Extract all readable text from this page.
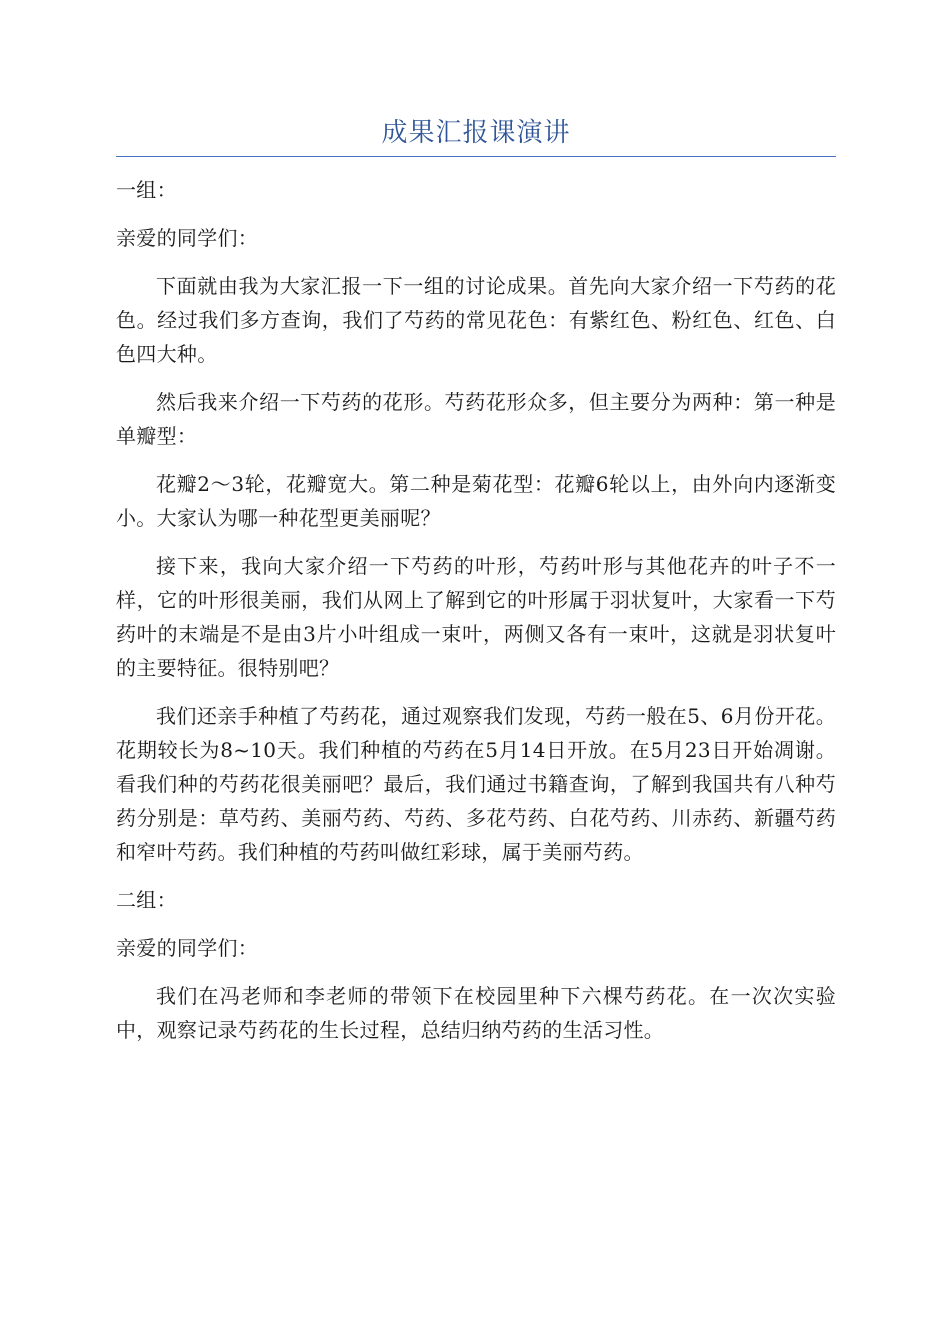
成果汇报课演讲

一组：

亲爱的同学们：

下面就由我为大家汇报一下一组的讨论成果。首先向大家介绍一下芍药的花色。经过我们多方查询，我们了芍药的常见花色：有紫红色、粉红色、红色、白色四大种。

然后我来介绍一下芍药的花形。芍药花形众多，但主要分为两种：第一种是单瓣型：

花瓣2～3轮，花瓣宽大。第二种是菊花型：花瓣6轮以上，由外向内逐渐变小。大家认为哪一种花型更美丽呢？

接下来，我向大家介绍一下芍药的叶形，芍药叶形与其他花卉的叶子不一样，它的叶形很美丽，我们从网上了解到它的叶形属于羽状复叶，大家看一下芍药叶的末端是不是由3片小叶组成一束叶，两侧又各有一束叶，这就是羽状复叶的主要特征。很特别吧？

我们还亲手种植了芍药花，通过观察我们发现，芍药一般在5、6月份开花。花期较长为8~10天。我们种植的芍药在5月14日开放。在5月23日开始凋谢。看我们种的芍药花很美丽吧？最后，我们通过书籍查询，了解到我国共有八种芍药分别是：草芍药、美丽芍药、芍药、多花芍药、白花芍药、川赤药、新疆芍药和窄叶芍药。我们种植的芍药叫做红彩球，属于美丽芍药。

二组：

亲爱的同学们：

我们在冯老师和李老师的带领下在校园里种下六棵芍药花。在一次次实验中，观察记录芍药花的生长过程，总结归纳芍药的生活习性。
